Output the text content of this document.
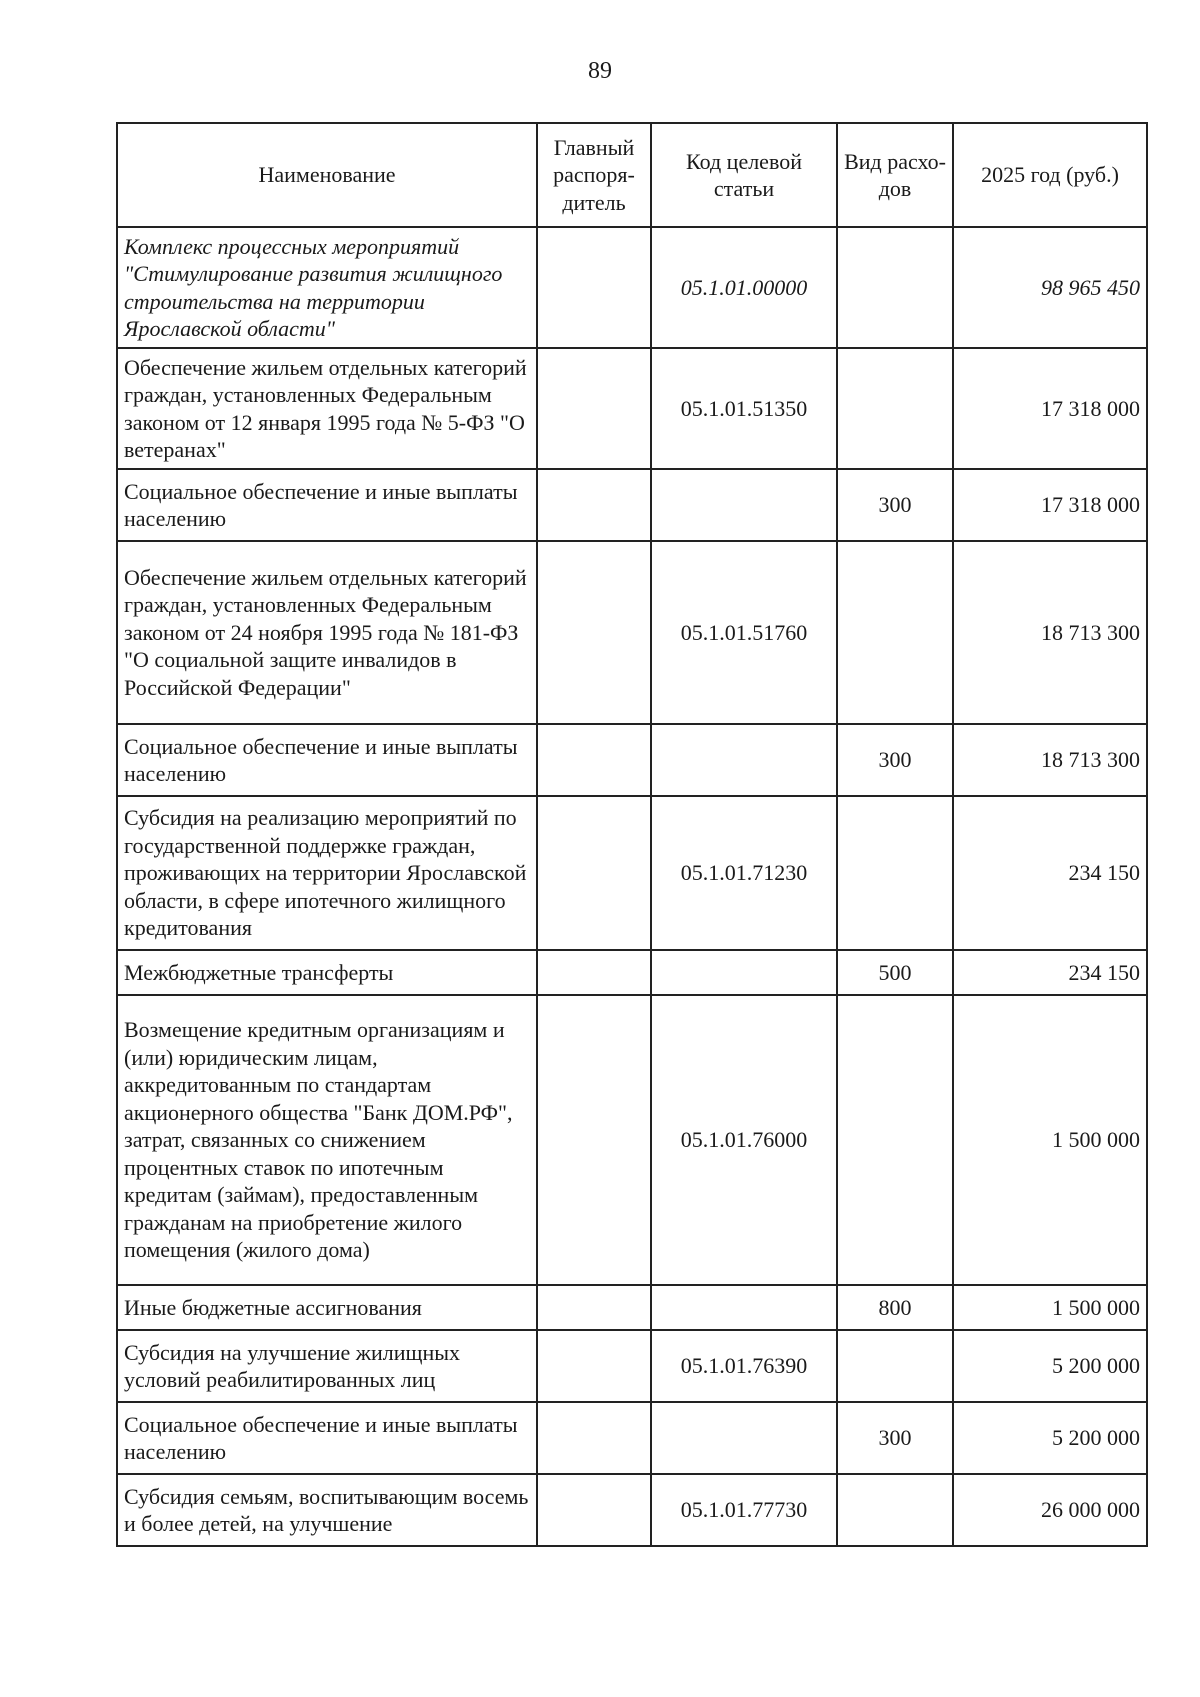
89
Наименование	Главный распоря-дитель	Код целевой статьи	Вид расхо-дов	2025 год (руб.)
Комплекс процессных мероприятий "Стимулирование развития жилищного строительства на территории Ярославской области"		05.1.01.00000		98 965 450
Обеспечение жильем отдельных категорий граждан, установленных Федеральным законом от 12 января 1995 года № 5-ФЗ "О ветеранах"		05.1.01.51350		17 318 000
Социальное обеспечение и иные выплаты населению			300	17 318 000
Обеспечение жильем отдельных категорий граждан, установленных Федеральным законом от 24 ноября 1995 года № 181-ФЗ "О социальной защите инвалидов в Российской Федерации"		05.1.01.51760		18 713 300
Социальное обеспечение и иные выплаты населению			300	18 713 300
Субсидия на реализацию мероприятий по государственной поддержке граждан, проживающих на территории Ярославской области, в сфере ипотечного жилищного кредитования		05.1.01.71230		234 150
Межбюджетные трансферты			500	234 150
Возмещение кредитным организациям и (или) юридическим лицам, аккредитованным по стандартам акционерного общества "Банк ДОМ.РФ", затрат, связанных со снижением процентных ставок по ипотечным кредитам (займам), предоставленным гражданам на приобретение жилого помещения (жилого дома)		05.1.01.76000		1 500 000
Иные бюджетные ассигнования			800	1 500 000
Субсидия на улучшение жилищных условий реабилитированных лиц		05.1.01.76390		5 200 000
Социальное обеспечение и иные выплаты населению			300	5 200 000
Субсидия семьям, воспитывающим восемь и более детей, на улучшение		05.1.01.77730		26 000 000
